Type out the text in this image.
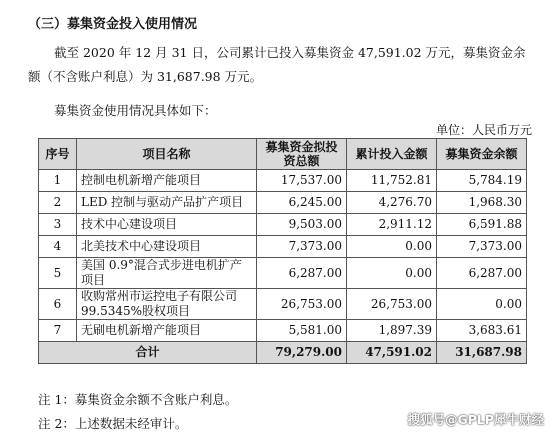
（三）募集资金投入使用情况
截至 2020 年 12 月 31 日，公司累计已投入募集资金 47,591.02 万元，募集资金余额（不含账户利息）为 31,687.98 万元。
募集资金使用情况具体如下：
单位：人民币万元
序号	项目名称	募集资金拟投资总额	累计投入金额	募集资金余额
1	控制电机新增产能项目	17,537.00	11,752.81	5,784.19
2	LED 控制与驱动产品扩产项目	6,245.00	4,276.70	1,968.30
3	技术中心建设项目	9,503.00	2,911.12	6,591.88
4	北美技术中心建设项目	7,373.00	0.00	7,373.00
5	美国 0.9°混合式步进电机扩产项目	6,287.00	0.00	6,287.00
6	收购常州市运控电子有限公司 99.5345%股权项目	26,753.00	26,753.00	0.00
7	无刷电机新增产能项目	5,581.00	1,897.39	3,683.61
合计		79,279.00	47,591.02	31,687.98
注 1：募集资金余额不含账户利息。
注 2：上述数据未经审计。	搜狐号@GPLP犀牛财经
